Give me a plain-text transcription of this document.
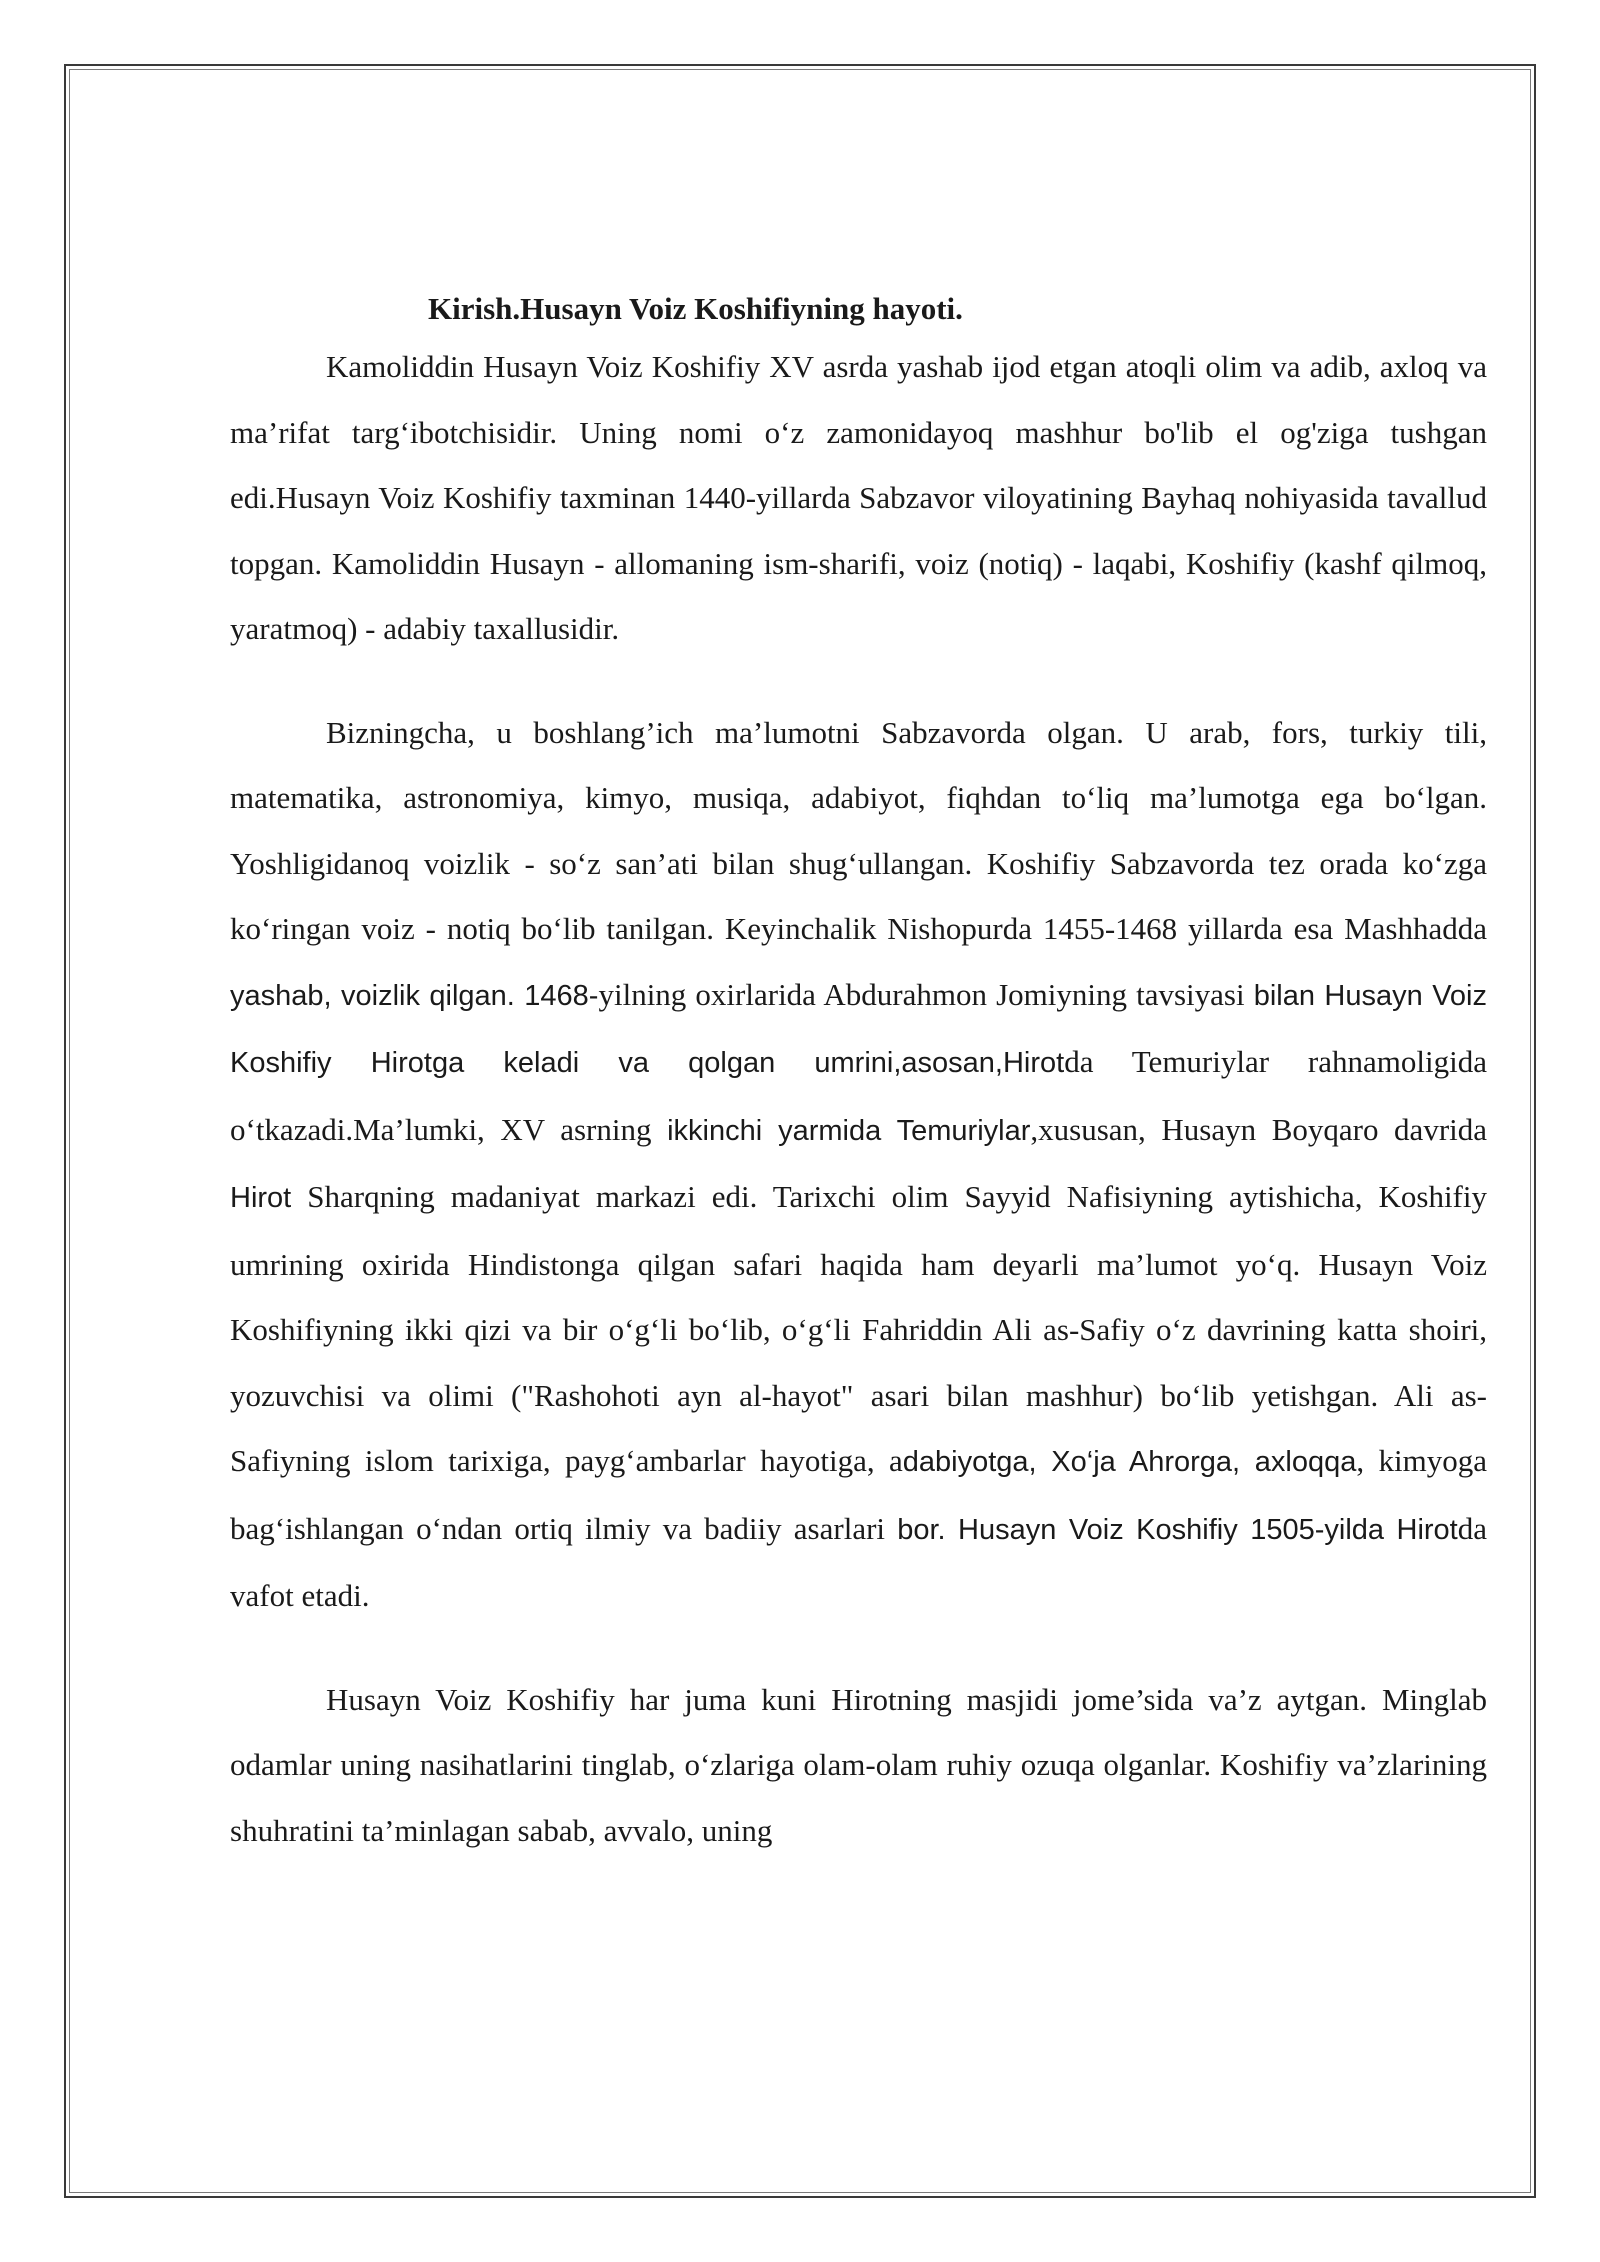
Kirish.Husayn Voiz Koshifiyning hayoti.

Kamoliddin Husayn Voiz Koshifiy XV asrda yashab ijod etgan atoqli olim va adib, axloq va ma’rifat targ‘ibotchisidir. Uning nomi o‘z zamonidayoq mashhur bo'lib el og'ziga tushgan edi.Husayn Voiz Koshifiy taxminan 1440-yillarda Sabzavor viloyatining Bayhaq nohiyasida tavallud topgan. Kamoliddin Husayn - allomaning ism-sharifi, voiz (notiq) - laqabi, Koshifiy (kashf qilmoq, yaratmoq) - adabiy taxallusidir.

Bizningcha, u boshlang’ich ma’lumotni Sabzavorda olgan. U arab, fors, turkiy tili, matematika, astronomiya, kimyo, musiqa, adabiyot, fiqhdan to‘liq ma’lumotga ega bo‘lgan. Yoshligidanoq voizlik - so‘z san’ati bilan shug‘ullangan. Koshifiy Sabzavorda tez orada ko‘zga ko‘ringan voiz - notiq bo‘lib tanilgan. Keyinchalik Nishopurda 1455-1468 yillarda esa Mashhadda yashab, voizlik qilgan. 1468-yilning oxirlarida Abdurahmon Jomiyning tavsiyasi bilan Husayn Voiz Koshifiy Hirotga keladi va qolgan umrini,asosan,Hirotda Temuriylar rahnamoligida o‘tkazadi.Ma’lumki, XV asrning ikkinchi yarmida Temuriylar,xususan, Husayn Boyqaro davrida Hirot Sharqning madaniyat markazi edi. Tarixchi olim Sayyid Nafisiyning aytishicha, Koshifiy umrining oxirida Hindistonga qilgan safari haqida ham deyarli ma’lumot yo‘q. Husayn Voiz Koshifiyning ikki qizi va bir o‘g‘li bo‘lib, o‘g‘li Fahriddin Ali as-Safiy o‘z davrining katta shoiri, yozuvchisi va olimi ("Rashohoti ayn al-hayot" asari bilan mashhur) bo‘lib yetishgan. Ali as-Safiyning islom tarixiga, payg‘ambarlar hayotiga, adabiyotga, Xo‘ja Ahrorga, axloqqa, kimyoga bag‘ishlangan o‘ndan ortiq ilmiy va badiiy asarlari bor. Husayn Voiz Koshifiy 1505-yilda Hirotda vafot etadi.

Husayn Voiz Koshifiy har juma kuni Hirotning masjidi jome’sida va’z aytgan. Minglab odamlar uning nasihatlarini tinglab, o‘zlariga olam-olam ruhiy ozuqa olganlar. Koshifiy va’zlarining shuhratini ta’minlagan sabab, avvalo, uning
